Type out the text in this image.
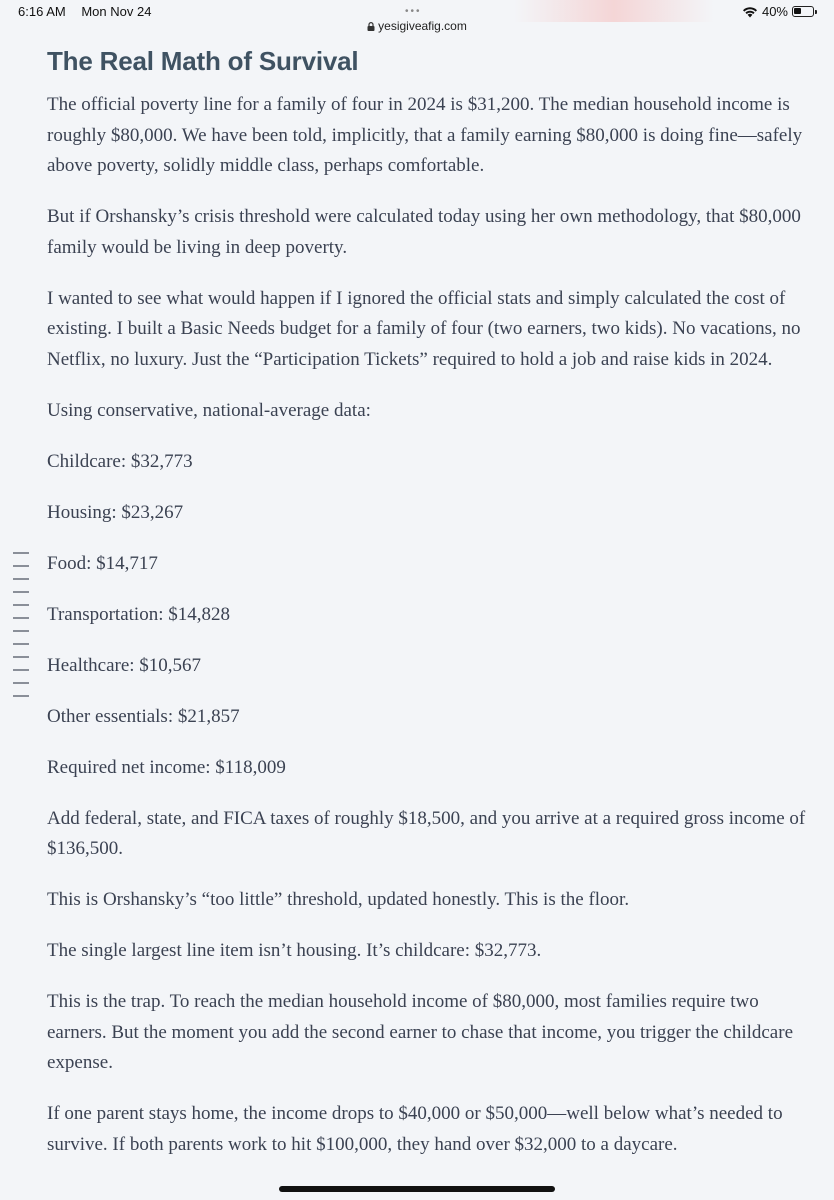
6:16 AM Mon Nov 24	40%
•••
yesigiveafig.com
The Real Math of Survival

The official poverty line for a family of four in 2024 is $31,200. The median household income is roughly $80,000. We have been told, implicitly, that a family earning $80,000 is doing fine—safely above poverty, solidly middle class, perhaps comfortable.

But if Orshansky’s crisis threshold were calculated today using her own methodology, that $80,000 family would be living in deep poverty.

I wanted to see what would happen if I ignored the official stats and simply calculated the cost of existing. I built a Basic Needs budget for a family of four (two earners, two kids). No vacations, no Netflix, no luxury. Just the “Participation Tickets” required to hold a job and raise kids in 2024.

Using conservative, national-average data:

Childcare: $32,773

Housing: $23,267

Food: $14,717

Transportation: $14,828

Healthcare: $10,567

Other essentials: $21,857

Required net income: $118,009

Add federal, state, and FICA taxes of roughly $18,500, and you arrive at a required gross income of $136,500.

This is Orshansky’s “too little” threshold, updated honestly. This is the floor.

The single largest line item isn’t housing. It’s childcare: $32,773.

This is the trap. To reach the median household income of $80,000, most families require two earners. But the moment you add the second earner to chase that income, you trigger the childcare expense.

If one parent stays home, the income drops to $40,000 or $50,000—well below what’s needed to survive. If both parents work to hit $100,000, they hand over $32,000 to a daycare.
